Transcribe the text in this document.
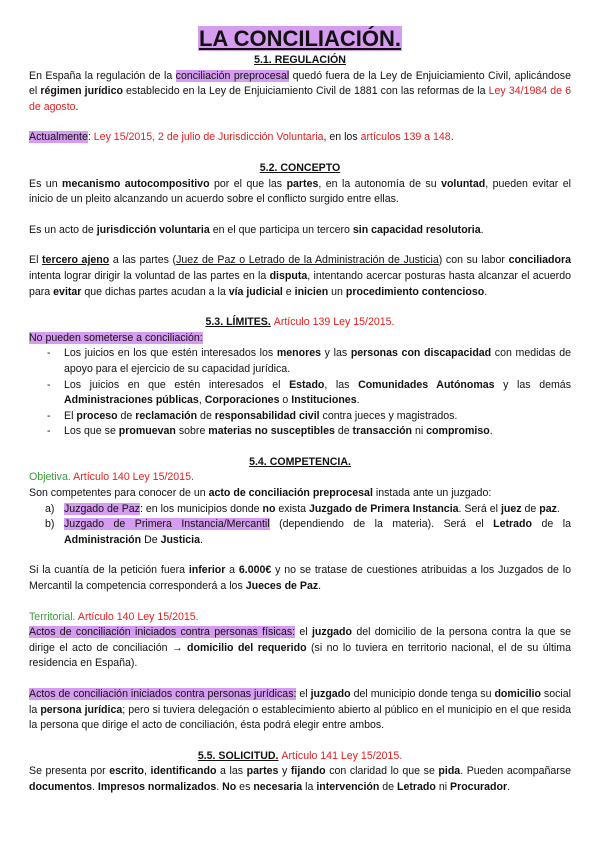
LA CONCILIACIÓN.
5.1. REGULACIÓN

En España la regulación de la conciliación preprocesal quedó fuera de la Ley de Enjuiciamiento Civil, aplicándose el régimen jurídico establecido en la Ley de Enjuiciamiento Civil de 1881 con las reformas de la Ley 34/1984 de 6 de agosto.

Actualmente: Ley 15/2015, 2 de julio de Jurisdicción Voluntaria, en los artículos 139 a 148.

5.2. CONCEPTO

Es un mecanismo autocompositivo por el que las partes, en la autonomía de su voluntad, pueden evitar el inicio de un pleito alcanzando un acuerdo sobre el conflicto surgido entre ellas.

Es un acto de jurisdicción voluntaria en el que participa un tercero sin capacidad resolutoria.

El tercero ajeno a las partes (Juez de Paz o Letrado de la Administración de Justicia) con su labor conciliadora intenta lograr dirigir la voluntad de las partes en la disputa, intentando acercar posturas hasta alcanzar el acuerdo para evitar que dichas partes acudan a la vía judicial e inicien un procedimiento contencioso.

5.3. LÍMITES. Artículo 139 Ley 15/2015.

No pueden someterse a conciliación:

- Los juicios en los que estén interesados los menores y las personas con discapacidad con medidas de apoyo para el ejercicio de su capacidad jurídica.
- Los juicios en que estén interesados el Estado, las Comunidades Autónomas y las demás Administraciones públicas, Corporaciones o Instituciones.
- El proceso de reclamación de responsabilidad civil contra jueces y magistrados.
- Los que se promuevan sobre materias no susceptibles de transacción ni compromiso.
5.4. COMPETENCIA.

Objetiva. Artículo 140 Ley 15/2015.

Son competentes para conocer de un acto de conciliación preprocesal instada ante un juzgado:

a) Juzgado de Paz: en los municipios donde no exista Juzgado de Primera Instancia. Será el juez de paz.
b) Juzgado de Primera Instancia/Mercantil (dependiendo de la materia). Será el Letrado de la Administración De Justicia.

Si la cuantía de la petición fuera inferior a 6.000€ y no se tratase de cuestiones atribuidas a los Juzgados de lo Mercantil la competencia corresponderá a los Jueces de Paz.

Territorial. Artículo 140 Ley 15/2015.

Actos de conciliación iniciados contra personas físicas: el juzgado del domicilio de la persona contra la que se dirige el acto de conciliación → domicilio del requerido (si no lo tuviera en territorio nacional, el de su última residencia en España).

Actos de conciliación iniciados contra personas jurídicas: el juzgado del municipio donde tenga su domicilio social la persona jurídica; pero si tuviera delegación o establecimiento abierto al público en el municipio en el que resida la persona que dirige el acto de conciliación, ésta podrá elegir entre ambos.

5.5. SOLICITUD. Artículo 141 Ley 15/2015.

Se presenta por escrito, identificando a las partes y fijando con claridad lo que se pida. Pueden acompañarse documentos. Impresos normalizados. No es necesaria la intervención de Letrado ni Procurador.
